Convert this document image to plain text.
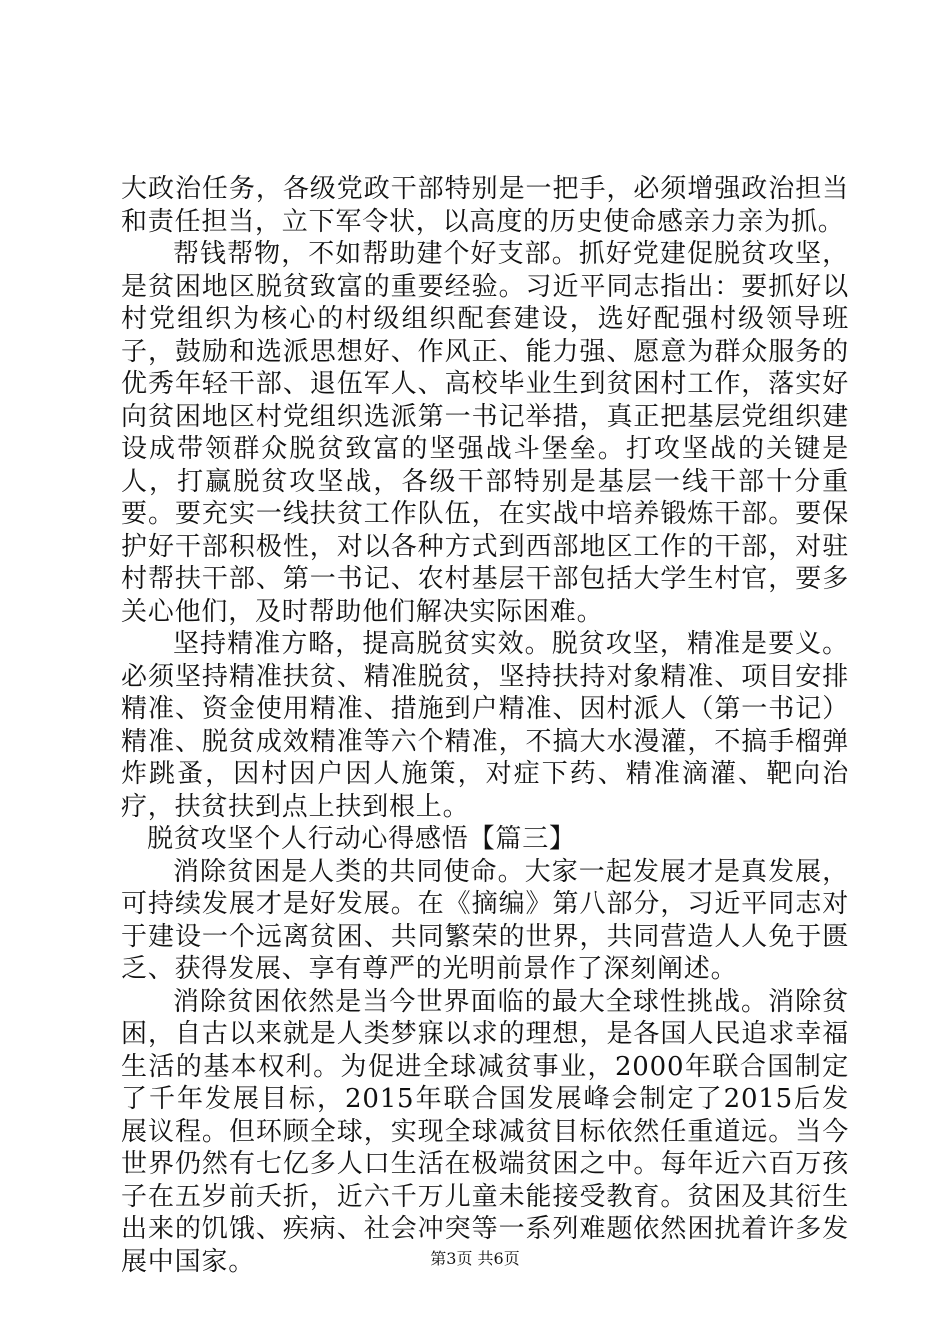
大政治任务，各级党政干部特别是一把手，必须增强政治担当和责任担当，立下军令状，以高度的历史使命感亲力亲为抓。

帮钱帮物，不如帮助建个好支部。抓好党建促脱贫攻坚，是贫困地区脱贫致富的重要经验。习近平同志指出：要抓好以村党组织为核心的村级组织配套建设，选好配强村级领导班子，鼓励和选派思想好、作风正、能力强、愿意为群众服务的优秀年轻干部、退伍军人、高校毕业生到贫困村工作，落实好向贫困地区村党组织选派第一书记举措，真正把基层党组织建设成带领群众脱贫致富的坚强战斗堡垒。打攻坚战的关键是人，打赢脱贫攻坚战，各级干部特别是基层一线干部十分重要。要充实一线扶贫工作队伍，在实战中培养锻炼干部。要保护好干部积极性，对以各种方式到西部地区工作的干部，对驻村帮扶干部、第一书记、农村基层干部包括大学生村官，要多关心他们，及时帮助他们解决实际困难。

坚持精准方略，提高脱贫实效。脱贫攻坚，精准是要义。必须坚持精准扶贫、精准脱贫，坚持扶持对象精准、项目安排精准、资金使用精准、措施到户精准、因村派人（第一书记）精准、脱贫成效精准等六个精准，不搞大水漫灌，不搞手榴弹炸跳蚤，因村因户因人施策，对症下药、精准滴灌、靶向治疗，扶贫扶到点上扶到根上。

脱贫攻坚个人行动心得感悟【篇三】

消除贫困是人类的共同使命。大家一起发展才是真发展，可持续发展才是好发展。在《摘编》第八部分，习近平同志对于建设一个远离贫困、共同繁荣的世界，共同营造人人免于匮乏、获得发展、享有尊严的光明前景作了深刻阐述。

消除贫困依然是当今世界面临的最大全球性挑战。消除贫困，自古以来就是人类梦寐以求的理想，是各国人民追求幸福生活的基本权利。为促进全球减贫事业，2000年联合国制定了千年发展目标，2015年联合国发展峰会制定了2015后发展议程。但环顾全球，实现全球减贫目标依然任重道远。当今世界仍然有七亿多人口生活在极端贫困之中。每年近六百万孩子在五岁前夭折，近六千万儿童未能接受教育。贫困及其衍生出来的饥饿、疾病、社会冲突等一系列难题依然困扰着许多发展中国家。	第3页 共6页
